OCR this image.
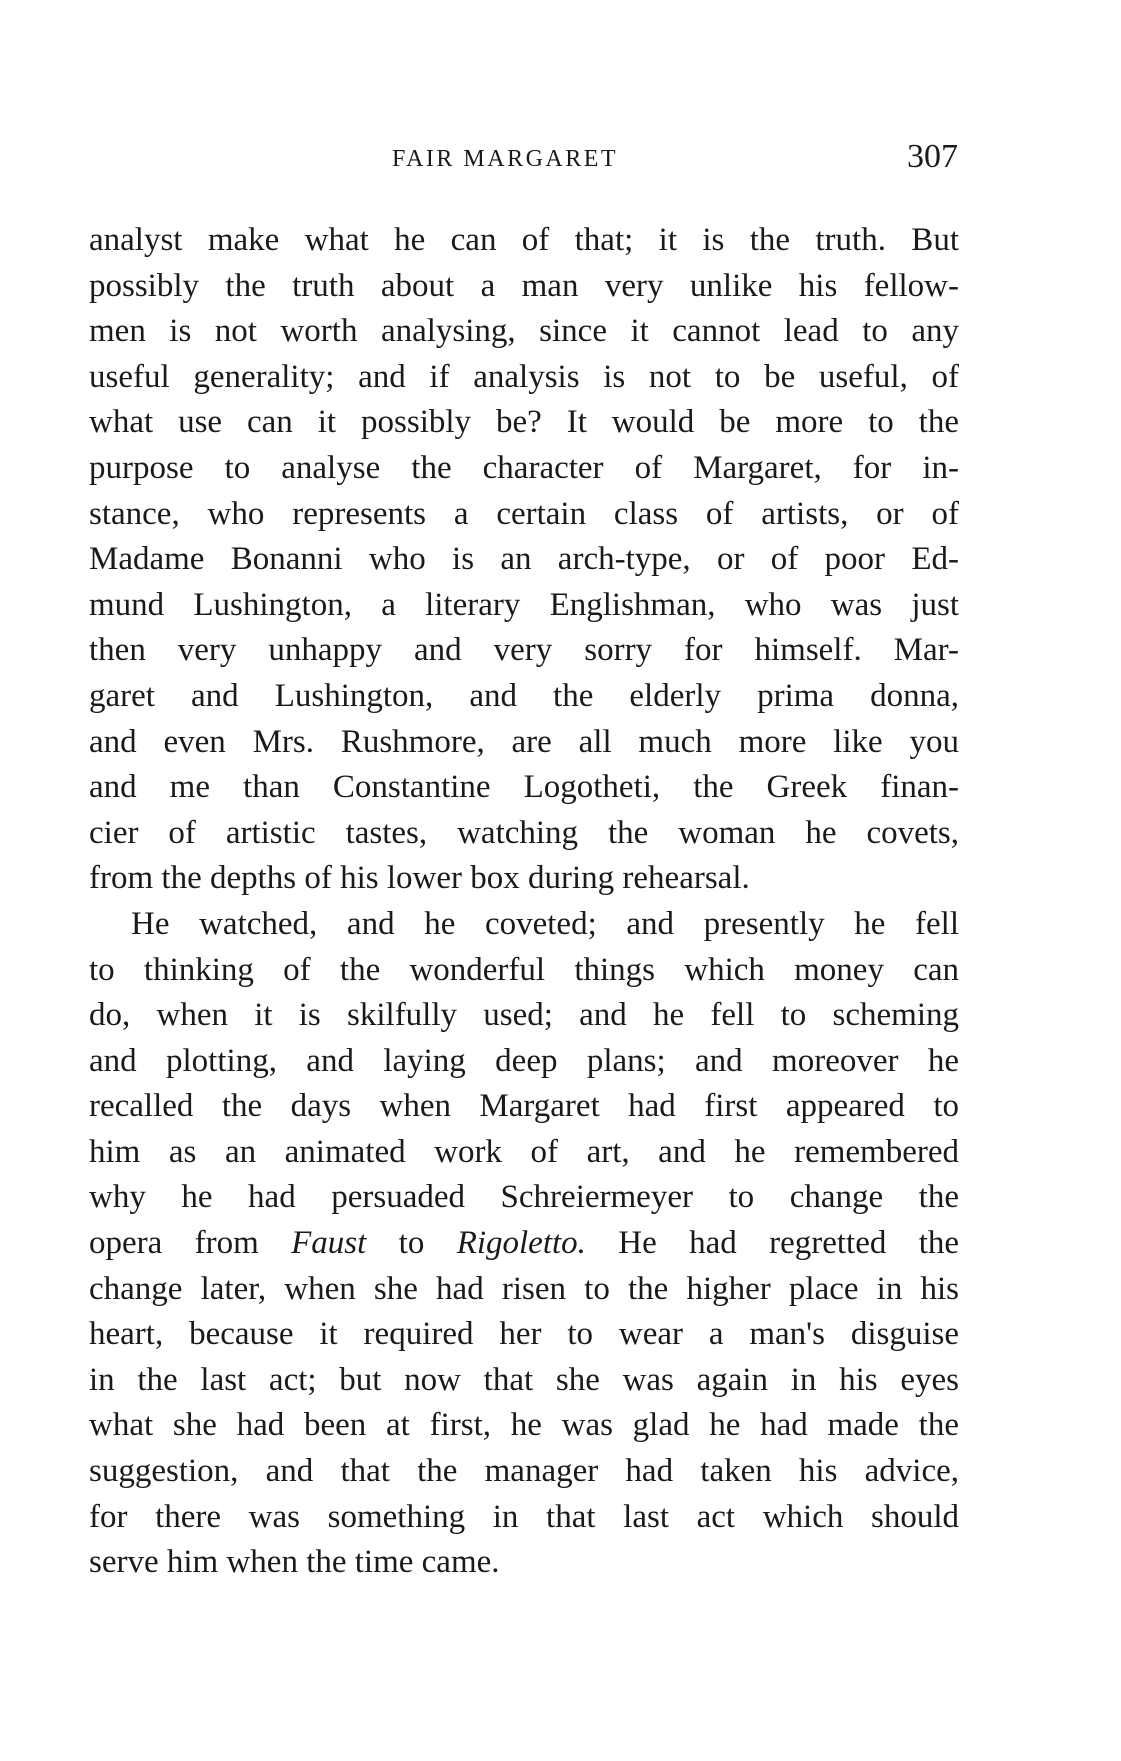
FAIR MARGARET	307
analyst make what he can of that; it is the truth. But
possibly the truth about a man very unlike his fellow-
men is not worth analysing, since it cannot lead to any
useful generality; and if analysis is not to be useful, of
what use can it possibly be? It would be more to the
purpose to analyse the character of Margaret, for in-
stance, who represents a certain class of artists, or of
Madame Bonanni who is an arch-type, or of poor Ed-
mund Lushington, a literary Englishman, who was just
then very unhappy and very sorry for himself. Mar-
garet and Lushington, and the elderly prima donna,
and even Mrs. Rushmore, are all much more like you
and me than Constantine Logotheti, the Greek finan-
cier of artistic tastes, watching the woman he covets,
from the depths of his lower box during rehearsal.
He watched, and he coveted; and presently he fell
to thinking of the wonderful things which money can
do, when it is skilfully used; and he fell to scheming
and plotting, and laying deep plans; and moreover he
recalled the days when Margaret had first appeared to
him as an animated work of art, and he remembered
why he had persuaded Schreiermeyer to change the
opera from Faust to Rigoletto. He had regretted the
change later, when she had risen to the higher place in his
heart, because it required her to wear a man's disguise
in the last act; but now that she was again in his eyes
what she had been at first, he was glad he had made the
suggestion, and that the manager had taken his advice,
for there was something in that last act which should
serve him when the time came.
